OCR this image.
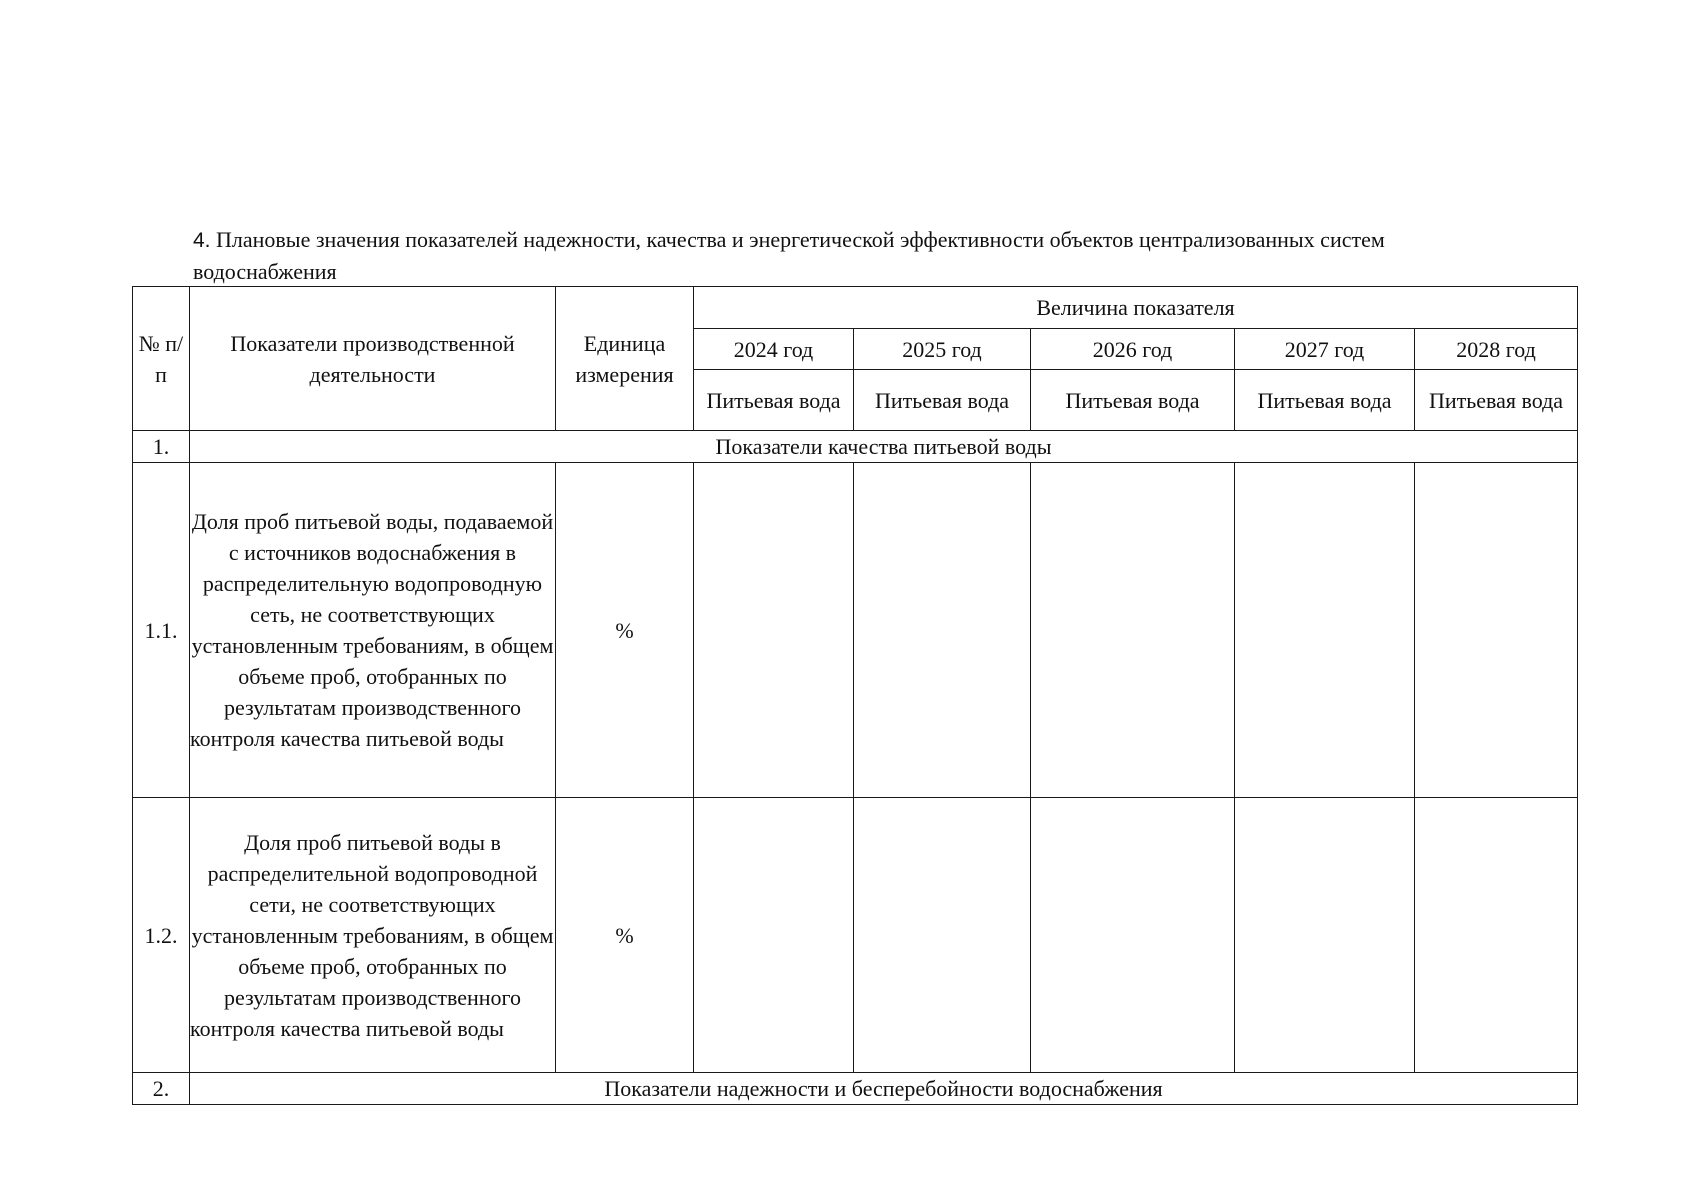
4. Плановые значения показателей надежности, качества и энергетической эффективности объектов централизованных систем водоснабжения
№ п/п	Показатели производственной деятельности	Единица измерения	Величина показателя				
			2024 год	2025 год	2026 год	2027 год	2028 год
			Питьевая вода	Питьевая вода	Питьевая вода	Питьевая вода	Питьевая вода
1.	Показатели качества питьевой воды						
1.1.	Доля проб питьевой воды, подаваемой с источников водоснабжения в распределительную водопроводную сеть, не соответствующих установленным требованиям, в общем объеме проб, отобранных по результатам производственного контроля качества питьевой воды	%					
1.2.	Доля проб питьевой воды в распределительной водопроводной сети, не соответствующих установленным требованиям, в общем объеме проб, отобранных по результатам производственного контроля качества питьевой воды	%					
2.	Показатели надежности и бесперебойности водоснабжения						
